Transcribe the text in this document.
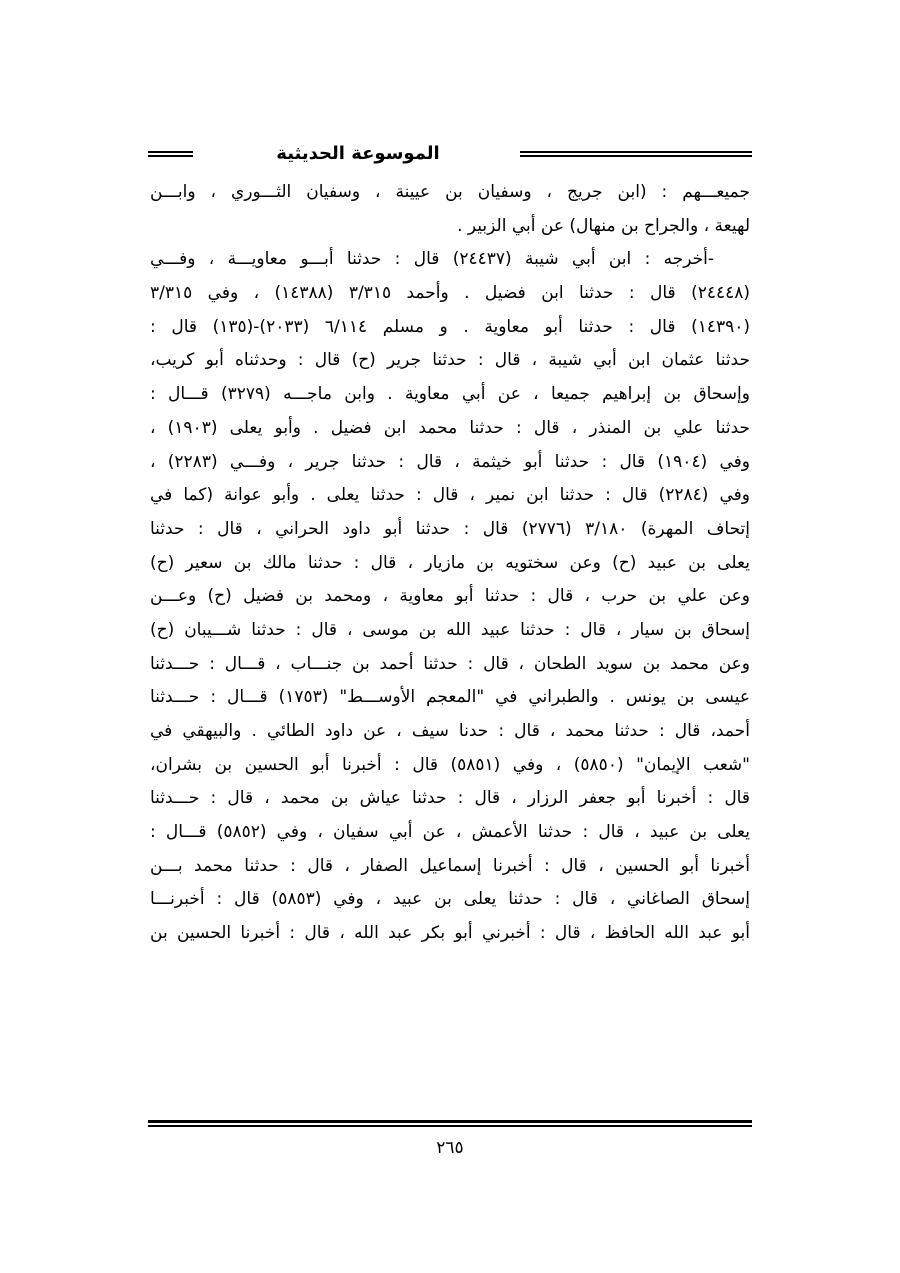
الموسوعة الحديثية
جميعـــهم : (ابن جريج ، وسفيان بن عيينة ، وسفيان الثـــوري ، وابـــن
لهيعة ، والجراح بن منهال) عن أبي الزبير .
-أخرجه : ابن أبي شيبة (٢٤٤٣٧) قال : حدثنا أبـــو معاويـــة ، وفـــي
(٢٤٤٤٨) قال : حدثنا ابن فضيل . وأحمد ٣/٣١٥ (١٤٣٨٨) ، وفي ٣/٣١٥
(١٤٣٩٠) قال : حدثنا أبو معاوية . و مسلم ٦/١١٤ (٢٠٣٣)-(١٣٥) قال :
حدثنا عثمان ابن أبي شيبة ، قال : حدثنا جرير (ح) قال : وحدثناه أبو كريب،
وإسحاق بن إبراهيم جميعا ، عن أبي معاوية . وابن ماجـــه (٣٢٧٩) قـــال :
حدثنا علي بن المنذر ، قال : حدثنا محمد ابن فضيل . وأبو يعلى (١٩٠٣) ،
وفي (١٩٠٤) قال : حدثنا أبو خيثمة ، قال : حدثنا جرير ، وفـــي (٢٢٨٣) ،
وفي (٢٢٨٤) قال : حدثنا ابن نمير ، قال : حدثنا يعلى . وأبو عوانة (كما في
إتحاف المهرة) ٣/١٨٠ (٢٧٧٦) قال : حدثنا أبو داود الحراني ، قال : حدثنا
يعلى بن عبيد (ح) وعن سختويه بن مازيار ، قال : حدثنا مالك بن سعير (ح)
وعن علي بن حرب ، قال : حدثنا أبو معاوية ، ومحمد بن فضيل (ح) وعـــن
إسحاق بن سيار ، قال : حدثنا عبيد الله بن موسى ، قال : حدثنا شـــيبان (ح)
وعن محمد بن سويد الطحان ، قال : حدثنا أحمد بن جنـــاب ، قـــال : حـــدثنا
عيسى بن يونس . والطبراني في "المعجم الأوســـط" (١٧٥٣) قـــال : حـــدثنا
أحمد، قال : حدثنا محمد ، قال : حدنا سيف ، عن داود الطائي . والبيهقي في
"شعب الإيمان" (٥٨٥٠) ، وفي (٥٨٥١) قال : أخبرنا أبو الحسين بن بشران،
قال : أخبرنا أبو جعفر الرزار ، قال : حدثنا عياش بن محمد ، قال : حـــدثنا
يعلى بن عبيد ، قال : حدثنا الأعمش ، عن أبي سفيان ، وفي (٥٨٥٢) قـــال :
أخبرنا أبو الحسين ، قال : أخبرنا إسماعيل الصفار ، قال : حدثنا محمد بـــن
إسحاق الصاغاني ، قال : حدثنا يعلى بن عبيد ، وفي (٥٨٥٣) قال : أخبرنـــا
أبو عبد الله الحافظ ، قال : أخبرني أبو بكر عبد الله ، قال : أخبرنا الحسين بن
٢٦٥
